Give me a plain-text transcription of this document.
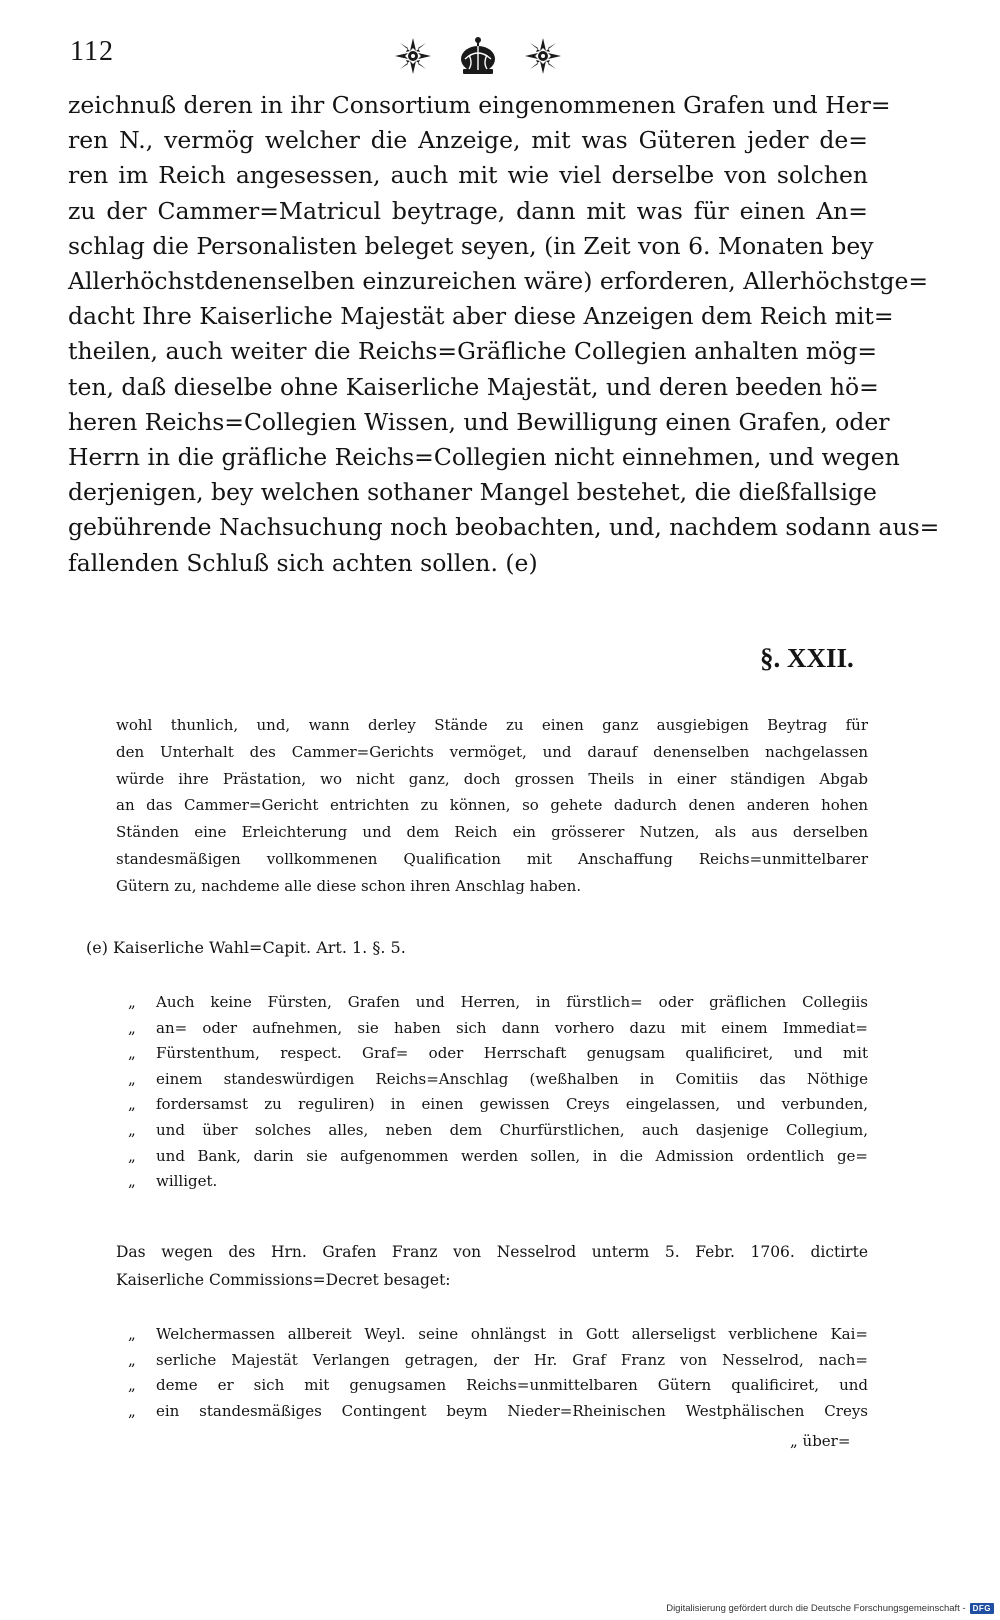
112
zeichnuß deren in ihr Consortium eingenommenen Grafen und Her=
ren N., vermög welcher die Anzeige, mit was Güteren jeder de=
ren im Reich angesessen, auch mit wie viel derselbe von solchen
zu der Cammer=Matricul beytrage, dann mit was für einen An=
schlag die Personalisten beleget seyen, (in Zeit von 6. Monaten bey
Allerhöchstdenenselben einzureichen wäre) erforderen, Allerhöchstge=
dacht Ihre Kaiserliche Majestät aber diese Anzeigen dem Reich mit=
theilen, auch weiter die Reichs=Gräfliche Collegien anhalten mög=
ten, daß dieselbe ohne Kaiserliche Majestät, und deren beeden hö=
heren Reichs=Collegien Wissen, und Bewilligung einen Grafen, oder
Herrn in die gräfliche Reichs=Collegien nicht einnehmen, und wegen
derjenigen, bey welchen sothaner Mangel bestehet, die dießfallsige
gebührende Nachsuchung noch beobachten, und, nachdem sodann aus=
fallenden Schluß sich achten sollen. (e)
§. XXII.
wohl thunlich, und, wann derley Stände zu einen ganz ausgiebigen Beytrag für
den Unterhalt des Cammer=Gerichts vermöget, und darauf denenselben nachgelassen
würde ihre Prästation, wo nicht ganz, doch grossen Theils in einer ständigen Abgab
an das Cammer=Gericht entrichten zu können, so gehete dadurch denen anderen hohen
Ständen eine Erleichterung und dem Reich ein grösserer Nutzen, als aus derselben
standesmäßigen vollkommenen Qualification mit Anschaffung Reichs=unmittelbarer
Gütern zu, nachdeme alle diese schon ihren Anschlag haben.
(e) Kaiserliche Wahl=Capit. Art. 1. §. 5.
„	Auch keine Fürsten, Grafen und Herren, in fürstlich= oder gräflichen Collegiis
„	an= oder aufnehmen, sie haben sich dann vorhero dazu mit einem Immediat=
„	Fürstenthum, respect. Graf= oder Herrschaft genugsam qualificiret, und mit
„	einem standeswürdigen Reichs=Anschlag (weßhalben in Comitiis das Nöthige
„	fordersamst zu reguliren) in einen gewissen Creys eingelassen, und verbunden,
„	und über solches alles, neben dem Churfürstlichen, auch dasjenige Collegium,
„	und Bank, darin sie aufgenommen werden sollen, in die Admission ordentlich ge=
„	williget.
Das wegen des Hrn. Grafen Franz von Nesselrod unterm 5. Febr. 1706. dictirte
Kaiserliche Commissions=Decret besaget:
„	Welchermassen allbereit Weyl. seine ohnlängst in Gott allerseligst verblichene Kai=
„	serliche Majestät Verlangen getragen, der Hr. Graf Franz von Nesselrod, nach=
„	deme er sich mit genugsamen Reichs=unmittelbaren Gütern qualificiret, und
„	ein standesmäßiges Contingent beym Nieder=Rheinischen Westphälischen Creys
„ über=
Digitalisierung gefördert durch die Deutsche Forschungsgemeinschaft - DFG
